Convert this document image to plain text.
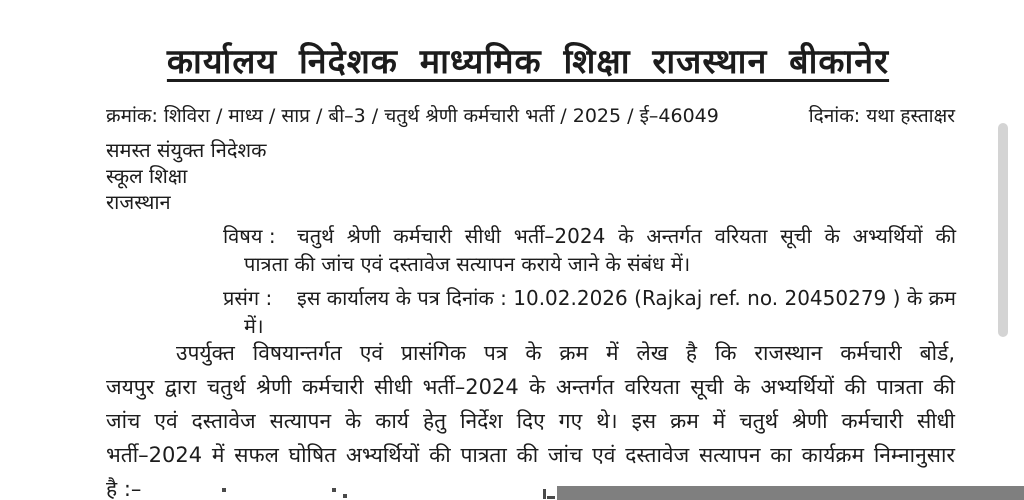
कार्यालय निदेशक माध्यमिक शिक्षा राजस्थान बीकानेर
क्रमांक: शिविरा / माध्य / साप्र / बी–3 / चतुर्थ श्रेणी कर्मचारी भर्ती / 2025 / ई–46049	दिनांक: यथा हस्ताक्षर
समस्त संयुक्त निदेशक
स्कूल शिक्षा
राजस्थान
विषय :	चतुर्थ श्रेणी कर्मचारी सीधी भर्ती–2024 के अन्तर्गत वरियता सूची के अभ्यर्थियों की
पात्रता की जांच एवं दस्तावेज सत्यापन कराये जाने के संबंध में।
प्रसंग :	इस कार्यालय के पत्र दिनांक : 10.02.2026 (Rajkaj ref. no. 20450279 ) के क्रम
में।
उपर्युक्त विषयान्तर्गत एवं प्रासंगिक पत्र के क्रम में लेख है कि राजस्थान कर्मचारी बोर्ड,
जयपुर द्वारा चतुर्थ श्रेणी कर्मचारी सीधी भर्ती–2024 के अन्तर्गत वरियता सूची के अभ्यर्थियों की पात्रता की
जांच एवं दस्तावेज सत्यापन के कार्य हेतु निर्देश दिए गए थे। इस क्रम में चतुर्थ श्रेणी कर्मचारी सीधी
भर्ती–2024 में सफल घोषित अभ्यर्थियों की पात्रता की जांच एवं दस्तावेज सत्यापन का कार्यक्रम निम्नानुसार
है :–
